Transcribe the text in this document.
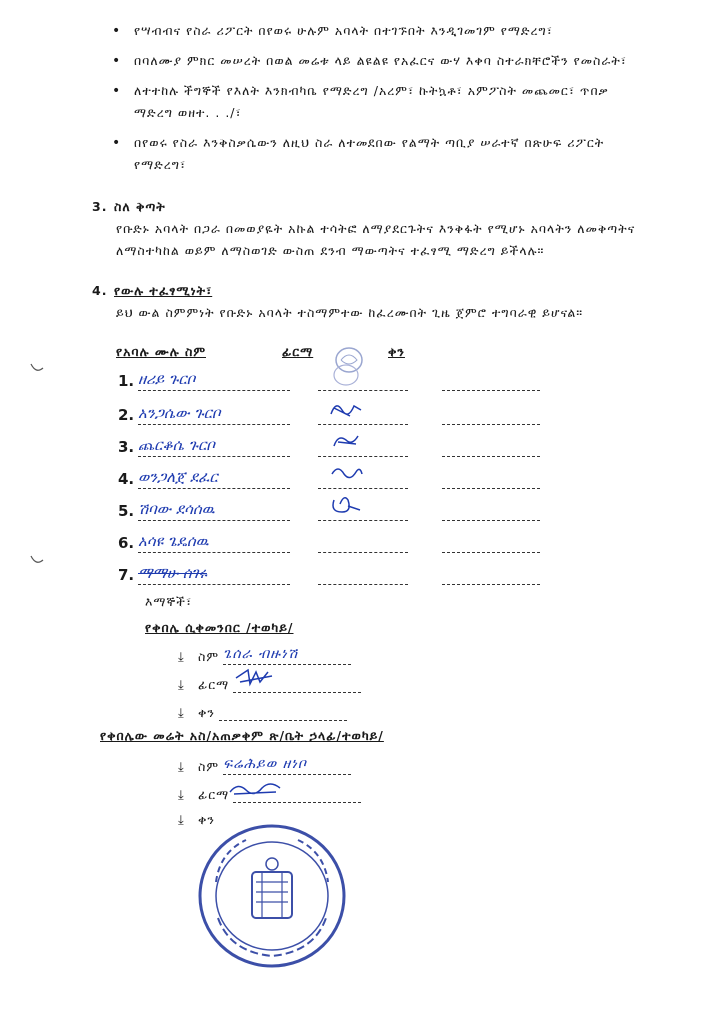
• የሣብብና የስራ ሪፖርት በየወሩ ሁሉም አባላት በተገኙበት እንዲገመገም የማድረግ፣
• በባለሙያ ምክር መሠረት በወል መሬቱ ላይ ልዩልዩ የአፈርና ውሃ እቀባ ስተራክቸሮችን የመስራት፣
• ለተተከሉ ችግኞች የእለት እንክብካቤ የማድረግ /አረም፣ ኩትኳቶ፣ አምፖስት መጨመር፣ ጥበቃ ማድረግ ወዘተ. . ./፣
• በየወሩ የስራ እንቅስቃሴውን ለዚህ ስራ ለተመደበው የልማት ጣቢያ ሠራተኛ በጽሁፍ ሪፖርት የማድረግ፣
3. ስለ ቅጣት
የቡድኑ አባላት በጋራ በመወያዬት አኩል ተሳትፎ ለማያደርጉትና እንቅፋት የሚሆኑ አባላትን ለመቅጣትና ለማስተካከል ወይም ለማስወገድ ውስጠ ደንብ ማውጣትና ተፈፃሚ ማድረግ ይችላሉ።
4. የውሉ ተፈፃሚነት፣
ይህ ውል ስምምነት የቡድኑ አባላት ተስማምተው ከፈረሙበት ጊዜ ጀምሮ ተግባራዊ ይሆናል።
የአባሉ ሙሉ ስም	ፊርማ	ቀን
1. ዘሪይ ጉርቦ
2. አንጋሴው ጉርቦ
3. ጨርቆሴ ጉርቦ
4. ወንጋለጀ ደፈር
5. ሽባው ደሳሰዉ
6. አሳዩ ጌዴሰዉ
7. ማማሁ ሰገሩ
እማኞች፣
የቀበሌ ሲቀመንበር /ተወካይ/
⤓ ስም ጌሰራ ብዙነሽ
⤓ ፊርማ
⤓ ቀን
የቀበሌው መሬት አስ/አጠቃቀም ጽ/ቤት ኃላፊ/ተወካይ/
⤓ ስም ፍሬሕይወ ዘነቦ
⤓ ፊርማ
⤓ ቀን
